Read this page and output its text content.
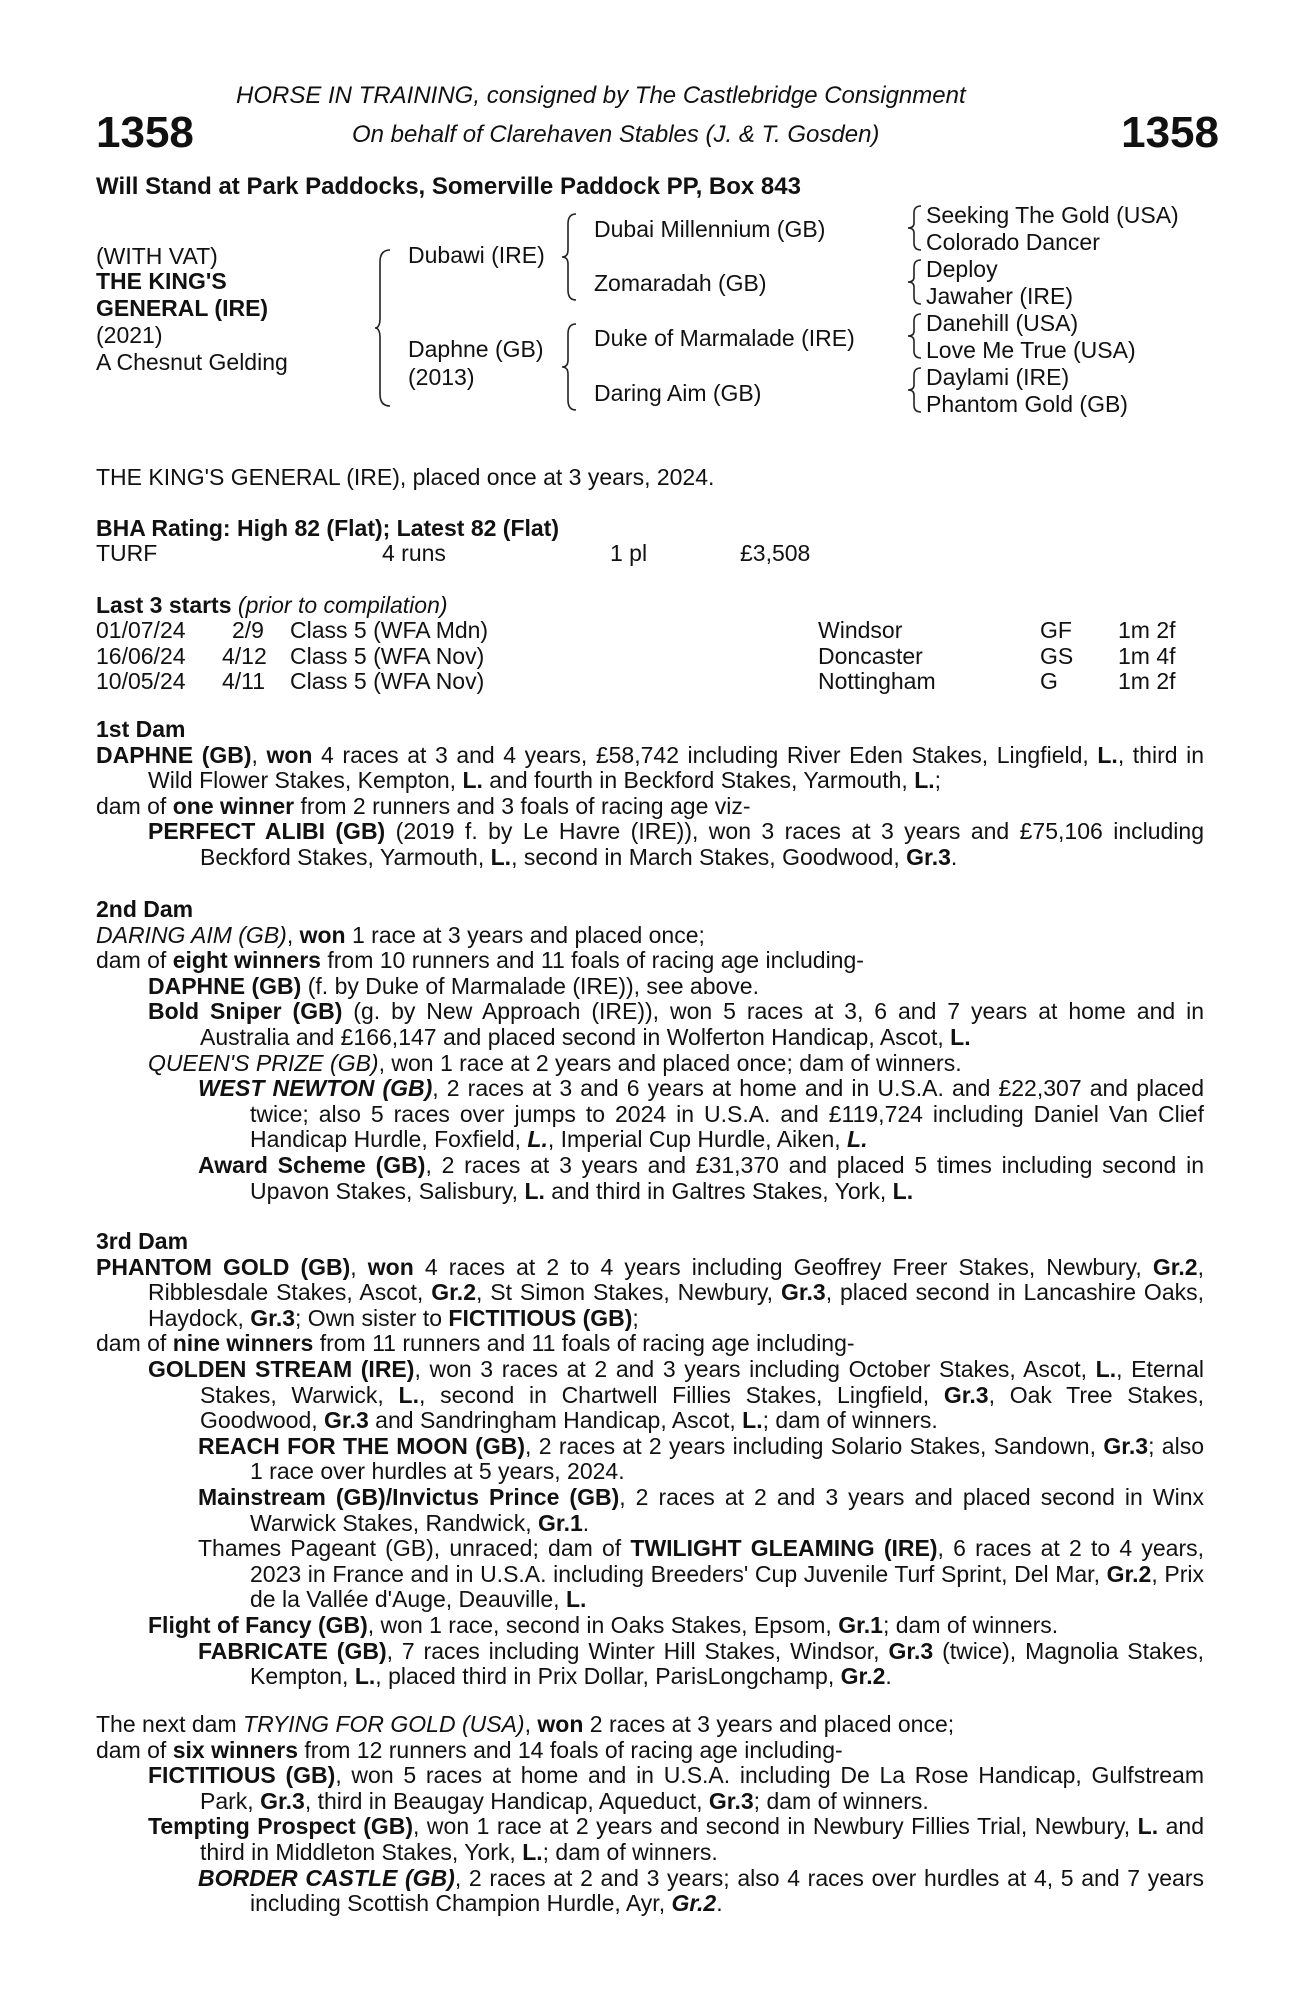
1358	1358
HORSE IN TRAINING, consigned by The Castlebridge Consignment
On behalf of Clarehaven Stables (J. & T. Gosden)
Will Stand at Park Paddocks, Somerville Paddock PP, Box 843
(WITH VAT)
THE KING'S
GENERAL (IRE)
(2021)
A Chesnut Gelding
Dubawi (IRE)
Daphne (GB)
(2013)
Dubai Millennium (GB)
Zomaradah (GB)
Duke of Marmalade (IRE)
Daring Aim (GB)
Seeking The Gold (USA)
Colorado Dancer
Deploy
Jawaher (IRE)
Danehill (USA)
Love Me True (USA)
Daylami (IRE)
Phantom Gold (GB)
THE KING'S GENERAL (IRE), placed once at 3 years, 2024.
BHA Rating: High 82 (Flat); Latest 82 (Flat)
TURF	4 runs	1 pl	£3,508
Last 3 starts (prior to compilation)
01/07/24 2/9 Class 5 (WFA Mdn)	Windsor	GF 1m 2f
16/06/24 4/12 Class 5 (WFA Nov)	Doncaster	GS 1m 4f
10/05/24 4/11 Class 5 (WFA Nov)	Nottingham	G	1m 2f

1st Dam

DAPHNE (GB), won 4 races at 3 and 4 years, £58,742 including River Eden Stakes, Lingfield, L., third in Wild Flower Stakes, Kempton, L. and fourth in Beckford Stakes, Yarmouth, L.;

dam of one winner from 2 runners and 3 foals of racing age viz-

PERFECT ALIBI (GB) (2019 f. by Le Havre (IRE)), won 3 races at 3 years and £75,106 including Beckford Stakes, Yarmouth, L., second in March Stakes, Goodwood, Gr.3.

2nd Dam

DARING AIM (GB), won 1 race at 3 years and placed once;

dam of eight winners from 10 runners and 11 foals of racing age including-

DAPHNE (GB) (f. by Duke of Marmalade (IRE)), see above.

Bold Sniper (GB) (g. by New Approach (IRE)), won 5 races at 3, 6 and 7 years at home and in Australia and £166,147 and placed second in Wolferton Handicap, Ascot, L.

QUEEN'S PRIZE (GB), won 1 race at 2 years and placed once; dam of winners.

WEST NEWTON (GB), 2 races at 3 and 6 years at home and in U.S.A. and £22,307 and placed twice; also 5 races over jumps to 2024 in U.S.A. and £119,724 including Daniel Van Clief Handicap Hurdle, Foxfield, L., Imperial Cup Hurdle, Aiken, L.

Award Scheme (GB), 2 races at 3 years and £31,370 and placed 5 times including second in Upavon Stakes, Salisbury, L. and third in Galtres Stakes, York, L.

3rd Dam

PHANTOM GOLD (GB), won 4 races at 2 to 4 years including Geoffrey Freer Stakes, Newbury, Gr.2, Ribblesdale Stakes, Ascot, Gr.2, St Simon Stakes, Newbury, Gr.3, placed second in Lancashire Oaks, Haydock, Gr.3; Own sister to FICTITIOUS (GB);

dam of nine winners from 11 runners and 11 foals of racing age including-

GOLDEN STREAM (IRE), won 3 races at 2 and 3 years including October Stakes, Ascot, L., Eternal Stakes, Warwick, L., second in Chartwell Fillies Stakes, Lingfield, Gr.3, Oak Tree Stakes, Goodwood, Gr.3 and Sandringham Handicap, Ascot, L.; dam of winners.

REACH FOR THE MOON (GB), 2 races at 2 years including Solario Stakes, Sandown, Gr.3; also 1 race over hurdles at 5 years, 2024.

Mainstream (GB)/Invictus Prince (GB), 2 races at 2 and 3 years and placed second in Winx Warwick Stakes, Randwick, Gr.1.

Thames Pageant (GB), unraced; dam of TWILIGHT GLEAMING (IRE), 6 races at 2 to 4 years, 2023 in France and in U.S.A. including Breeders' Cup Juvenile Turf Sprint, Del Mar, Gr.2, Prix de la Vallée d'Auge, Deauville, L.

Flight of Fancy (GB), won 1 race, second in Oaks Stakes, Epsom, Gr.1; dam of winners.

FABRICATE (GB), 7 races including Winter Hill Stakes, Windsor, Gr.3 (twice), Magnolia Stakes, Kempton, L., placed third in Prix Dollar, ParisLongchamp, Gr.2.

The next dam TRYING FOR GOLD (USA), won 2 races at 3 years and placed once;

dam of six winners from 12 runners and 14 foals of racing age including-

FICTITIOUS (GB), won 5 races at home and in U.S.A. including De La Rose Handicap, Gulfstream Park, Gr.3, third in Beaugay Handicap, Aqueduct, Gr.3; dam of winners.

Tempting Prospect (GB), won 1 race at 2 years and second in Newbury Fillies Trial, Newbury, L. and third in Middleton Stakes, York, L.; dam of winners.

BORDER CASTLE (GB), 2 races at 2 and 3 years; also 4 races over hurdles at 4, 5 and 7 years including Scottish Champion Hurdle, Ayr, Gr.2.
